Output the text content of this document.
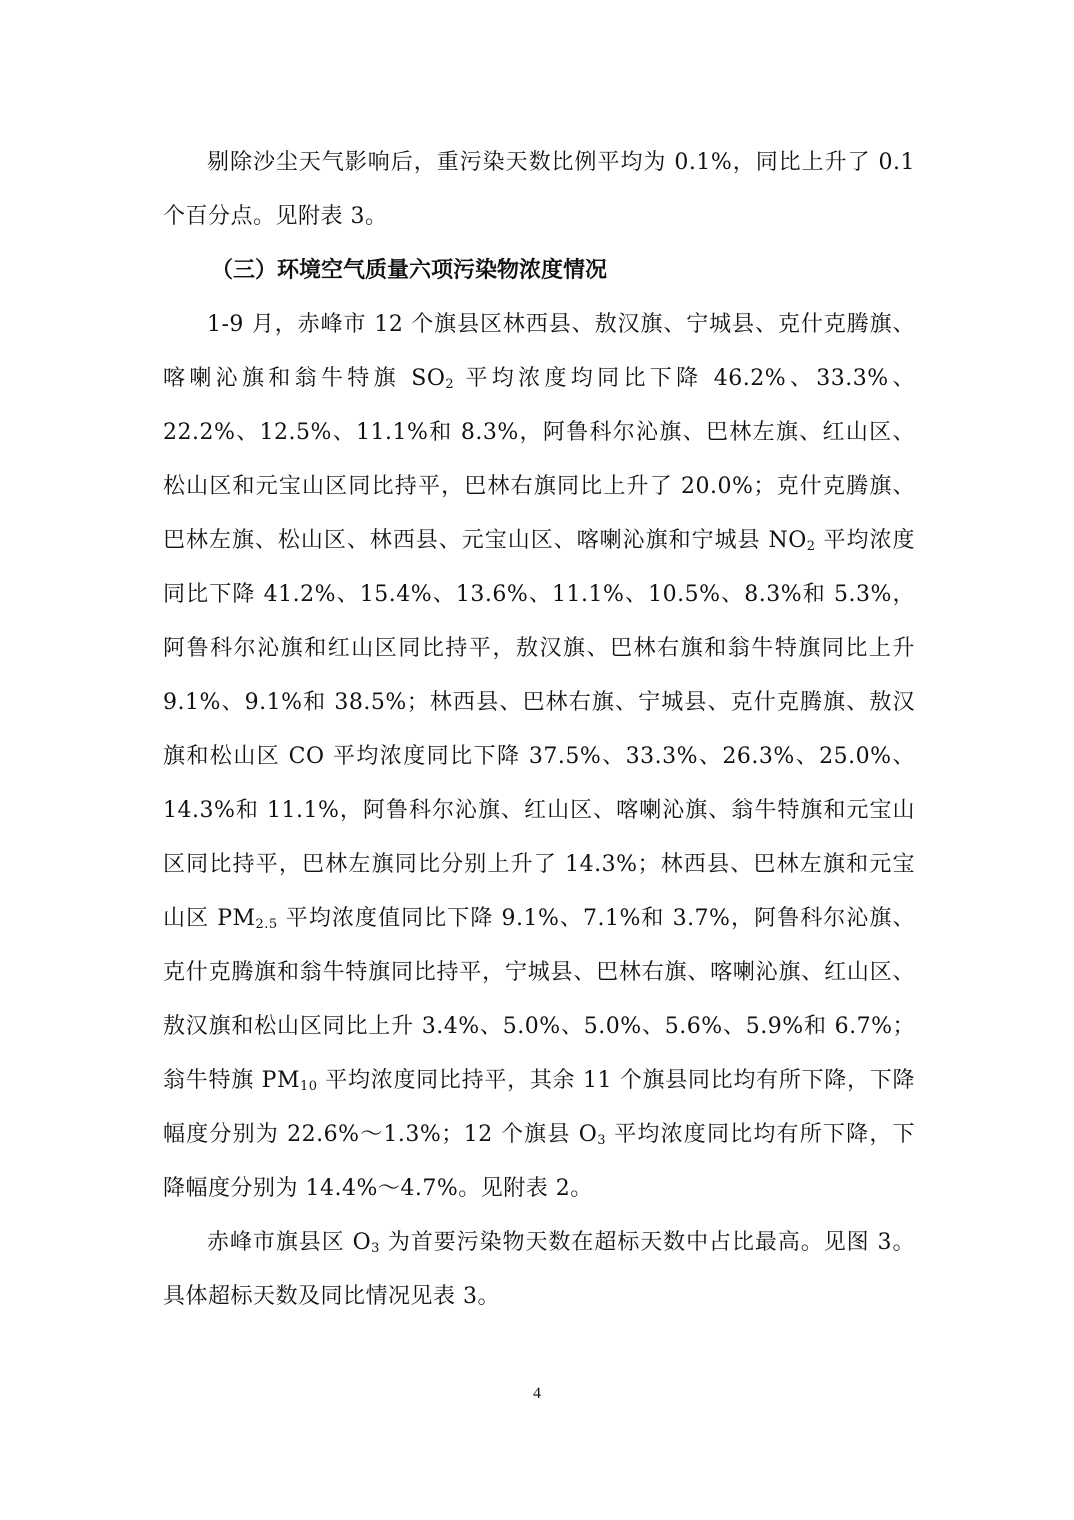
剔除沙尘天气影响后，重污染天数比例平均为 0.1%，同比上升了 0.1 个百分点。见附表 3。

（三）环境空气质量六项污染物浓度情况

1-9 月，赤峰市 12 个旗县区林西县、敖汉旗、宁城县、克什克腾旗、喀喇沁旗和翁牛特旗 $SO_2$ 平均浓度均同比下降 46.2%、33.3%、22.2%、12.5%、11.1%和 8.3%，阿鲁科尔沁旗、巴林左旗、红山区、松山区和元宝山区同比持平，巴林右旗同比上升了 20.0%；克什克腾旗、巴林左旗、松山区、林西县、元宝山区、喀喇沁旗和宁城县 $NO_2$ 平均浓度同比下降 41.2%、15.4%、13.6%、11.1%、10.5%、8.3%和 5.3%，阿鲁科尔沁旗和红山区同比持平，敖汉旗、巴林右旗和翁牛特旗同比上升 9.1%、9.1%和 38.5%；林西县、巴林右旗、宁城县、克什克腾旗、敖汉旗和松山区 CO 平均浓度同比下降 37.5%、33.3%、26.3%、25.0%、14.3%和 11.1%，阿鲁科尔沁旗、红山区、喀喇沁旗、翁牛特旗和元宝山区同比持平，巴林左旗同比分别上升了 14.3%；林西县、巴林左旗和元宝山区 $PM_{2.5}$ 平均浓度值同比下降 9.1%、7.1%和 3.7%，阿鲁科尔沁旗、克什克腾旗和翁牛特旗同比持平，宁城县、巴林右旗、喀喇沁旗、红山区、敖汉旗和松山区同比上升 3.4%、5.0%、5.0%、5.6%、5.9%和 6.7%；翁牛特旗 $PM_{10}$ 平均浓度同比持平，其余 11 个旗县同比均有所下降，下降幅度分别为 22.6%～1.3%；12 个旗县 $O_3$ 平均浓度同比均有所下降，下降幅度分别为 14.4%～4.7%。见附表 2。

赤峰市旗县区 $O_3$ 为首要污染物天数在超标天数中占比最高。见图 3。具体超标天数及同比情况见表 3。

4
